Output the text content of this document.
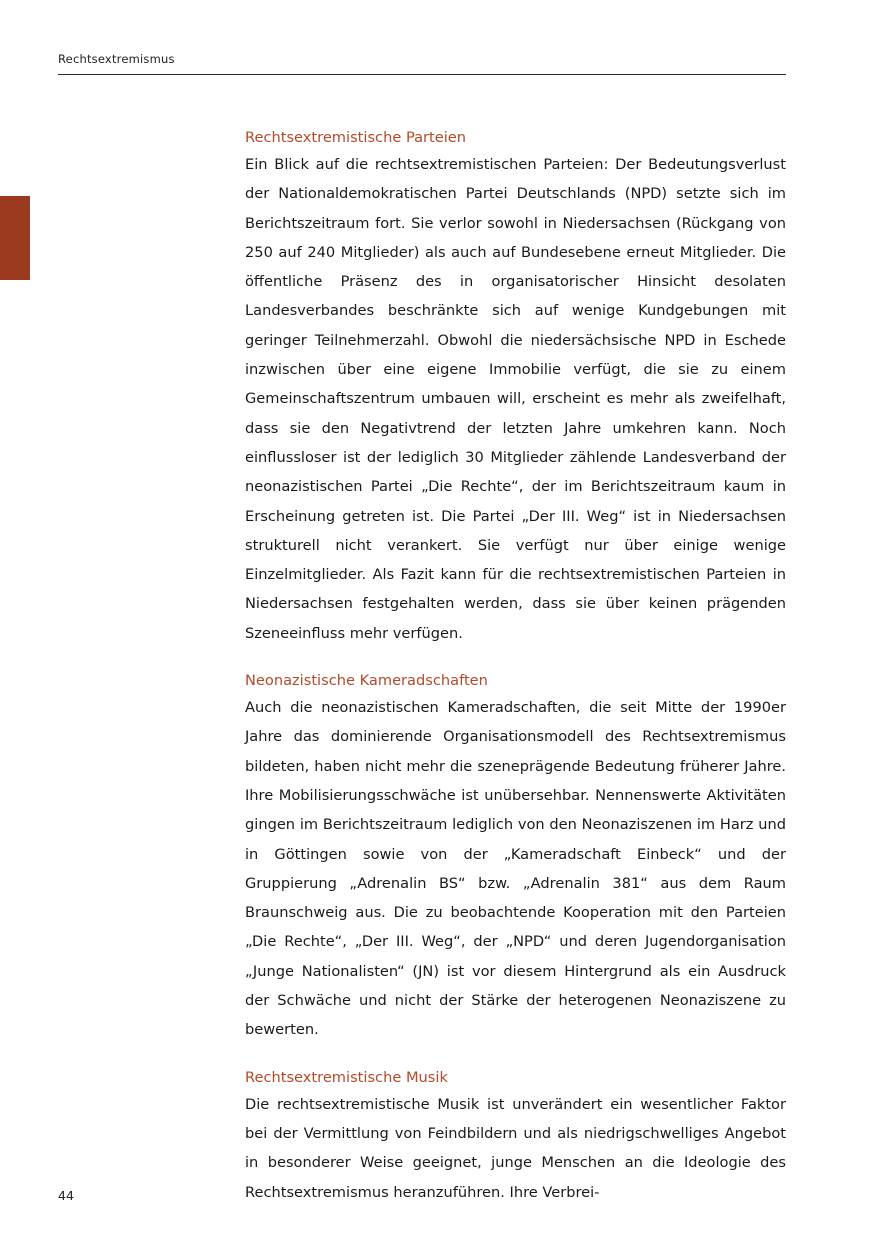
Rechtsextremismus
Rechtsextremistische Parteien

Ein Blick auf die rechtsextremistischen Parteien: Der Bedeutungsverlust der Nationaldemokratischen Partei Deutschlands (NPD) setzte sich im Berichtszeitraum fort. Sie verlor sowohl in Niedersachsen (Rückgang von 250 auf 240 Mitglieder) als auch auf Bundesebene erneut Mitglieder. Die öffentliche Präsenz des in organisatorischer Hinsicht desolaten Landesverbandes beschränkte sich auf wenige Kundgebungen mit geringer Teilnehmerzahl. Obwohl die niedersächsische NPD in Eschede inzwischen über eine eigene Immobilie verfügt, die sie zu einem Gemeinschaftszentrum umbauen will, erscheint es mehr als zweifelhaft, dass sie den Negativtrend der letzten Jahre umkehren kann. Noch einflussloser ist der lediglich 30 Mitglieder zählende Landesverband der neonazistischen Partei „Die Rechte“, der im Berichtszeitraum kaum in Erscheinung getreten ist. Die Partei „Der III. Weg“ ist in Niedersachsen strukturell nicht verankert. Sie verfügt nur über einige wenige Einzelmitglieder. Als Fazit kann für die rechtsextremistischen Parteien in Niedersachsen festgehalten werden, dass sie über keinen prägenden Szeneeinfluss mehr verfügen.

Neonazistische Kameradschaften

Auch die neonazistischen Kameradschaften, die seit Mitte der 1990er Jahre das dominierende Organisationsmodell des Rechtsextremismus bildeten, haben nicht mehr die szeneprägende Bedeutung früherer Jahre. Ihre Mobilisierungsschwäche ist unübersehbar. Nennenswerte Aktivitäten gingen im Berichtszeitraum lediglich von den Neonaziszenen im Harz und in Göttingen sowie von der „Kameradschaft Einbeck“ und der Gruppierung „Adrenalin BS“ bzw. „Adrenalin 381“ aus dem Raum Braunschweig aus. Die zu beobachtende Kooperation mit den Parteien „Die Rechte“, „Der III. Weg“, der „NPD“ und deren Jugendorganisation „Junge Nationalisten“ (JN) ist vor diesem Hintergrund als ein Ausdruck der Schwäche und nicht der Stärke der heterogenen Neonaziszene zu bewerten.

Rechtsextremistische Musik

Die rechtsextremistische Musik ist unverändert ein wesentlicher Faktor bei der Vermittlung von Feindbildern und als niedrigschwelliges Angebot in besonderer Weise geeignet, junge Menschen an die Ideologie des Rechtsextremismus heranzuführen. Ihre Verbrei-

44
